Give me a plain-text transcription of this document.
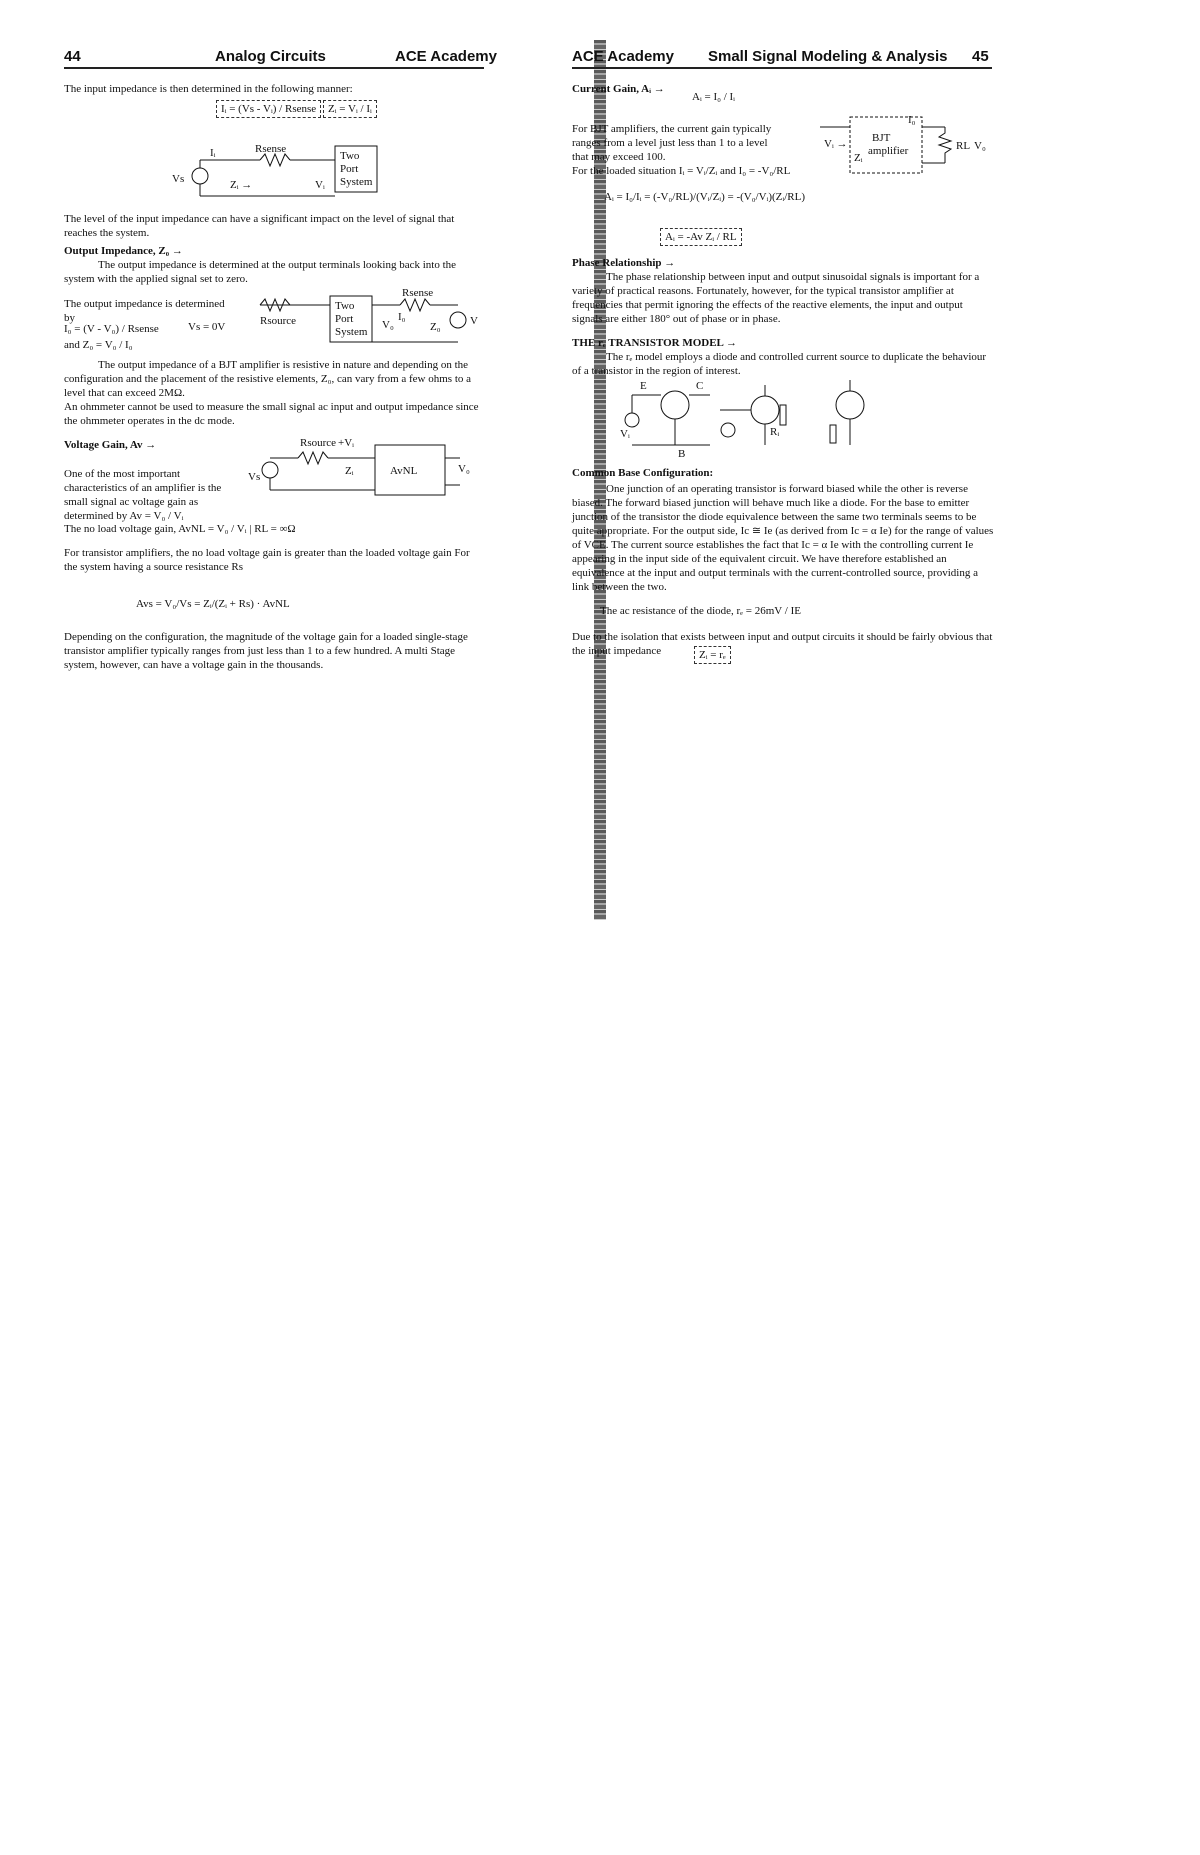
44	Analog Circuits	ACE Academy
The input impedance is then determined in the following manner:
Iᵢ = (Vs - Vᵢ) / Rsense	Zᵢ = Vᵢ / Iᵢ
Iᵢ	Rsense
Zᵢ →	Vᵢ
Vs
Two
Port
System
The level of the input impedance can have a significant impact on the level of signal that reaches the system.
Output Impedance, Z₀ →
The output impedance is determined at the output terminals looking back into the system with the applied signal set to zero.
The output impedance is determined by
I₀ = (V - V₀) / Rsense
and Z₀ = V₀ / I₀
Vs = 0V	Rsource	V₀
I₀
Z₀
Rsense
V
Two
Port
System
The output impedance of a BJT amplifier is resistive in nature and depending on the configuration and the placement of the resistive elements, Z₀, can vary from a few ohms to a level that can exceed 2MΩ.
An ohmmeter cannot be used to measure the small signal ac input and output impedance since the ohmmeter operates in the dc mode.
Voltage Gain, Av →
One of the most important characteristics of an amplifier is the small signal ac voltage gain as determined by Av = V₀ / Vᵢ
The no load voltage gain, AvNL = V₀ / Vᵢ | RL = ∞Ω
Rsource +Vᵢ
Zᵢ	AvNL	V₀
Vs
For transistor amplifiers, the no load voltage gain is greater than the loaded voltage gain For the system having a source resistance Rs
Avs = V₀/Vs = Zᵢ/(Zᵢ + Rs) · AvNL
Depending on the configuration, the magnitude of the voltage gain for a loaded single-stage transistor amplifier typically ranges from just less than 1 to a few hundred. A multi Stage system, however, can have a voltage gain in the thousands.
ACE Academy Small Signal Modeling & Analysis 45
Current Gain, Aᵢ →
Aᵢ = I₀ / Iᵢ
For BJT amplifiers, the current gain typically ranges from a level just less than 1 to a level that may exceed 100.
For the loaded situation Iᵢ = Vᵢ/Zᵢ and I₀ = -V₀/RL
Aᵢ = I₀/Iᵢ = (-V₀/RL)/(Vᵢ/Zᵢ) = -(V₀/Vᵢ)(Zᵢ/RL)
Aᵢ = -Av Zᵢ / RL
I₀
Vᵢ →
Zᵢ
BJT
amplifier	RL V₀
Phase Relationship →
The phase relationship between input and output sinusoidal signals is important for a variety of practical reasons. Fortunately, however, for the typical transistor amplifier at frequencies that permit ignoring the effects of the reactive elements, the input and output signals are either 180° out of phase or in phase.
THE rₑ TRANSISTOR MODEL →
The rₑ model employs a diode and controlled current source to duplicate the behaviour of a transistor in the region of interest.
E	C
B
Vᵢ	Rᵢ
Common Base Configuration:
One junction of an operating transistor is forward biased while the other is reverse biased. The forward biased junction will behave much like a diode. For the base to emitter junction of the transistor the diode equivalence between the same two terminals seems to be quite appropriate. For the output side, Ic ≅ Ie (as derived from Ic = α Ie) for the range of values of VCE. The current source establishes the fact that Ic = α Ie with the controlling current Ie appearing in the input side of the equivalent circuit. We have therefore established an equivalence at the input and output terminals with the current-controlled source, providing a link between the two.
The ac resistance of the diode, rₑ = 26mV / IE
Due to the isolation that exists between input and output circuits it should be fairly obvious that the input impedance	Zᵢ = rₑ
